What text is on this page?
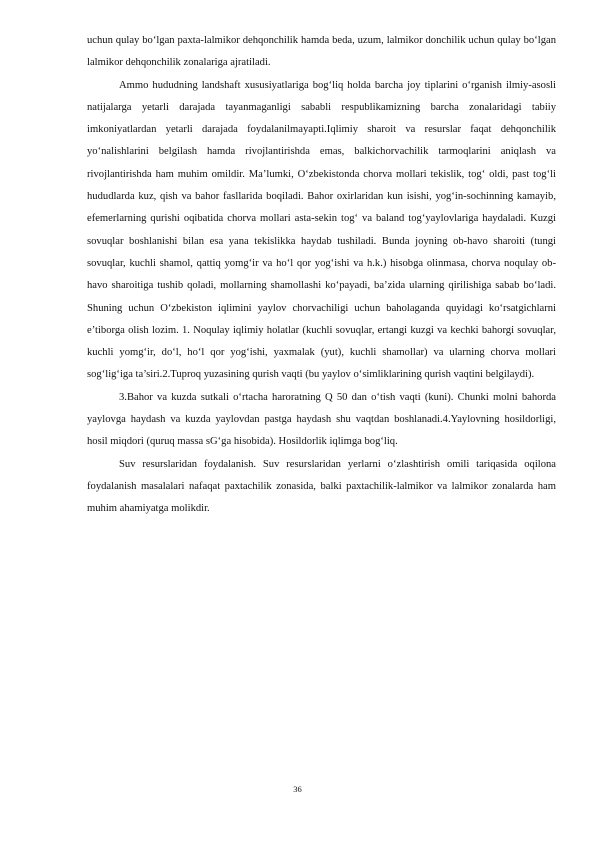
uchun qulay bo‘lgan paxta-lalmikor dehqonchilik hamda beda, uzum, lalmikor donchilik uchun qulay bo‘lgan lalmikor dehqonchilik zonalariga ajratiladi.

Ammo hududning landshaft xususiyatlariga bog‘liq holda barcha joy tiplarini o‘rganish ilmiy-asosli natijalarga yetarli darajada tayanmaganligi sababli respublikamizning barcha zonalaridagi tabiiy imkoniyatlardan yetarli darajada foydalanilmayapti.Iqlimiy sharoit va resurslar faqat dehqonchilik yo‘nalishlarini belgilash hamda rivojlantirishda emas, balkichorvachilik tarmoqlarini aniqlash va rivojlantirishda ham muhim omildir. Ma’lumki, O‘zbekistonda chorva mollari tekislik, tog‘ oldi, past tog‘li hududlarda kuz, qish va bahor fasllarida boqiladi. Bahor oxirlaridan kun isishi, yog‘in-sochinning kamayib, efemerlarning qurishi oqibatida chorva mollari asta-sekin tog‘ va baland tog‘yaylovlariga haydaladi. Kuzgi sovuqlar boshlanishi bilan esa yana tekislikka haydab tushiladi. Bunda joyning ob-havo sharoiti (tungi sovuqlar, kuchli shamol, qattiq yomg‘ir va ho‘l qor yog‘ishi va h.k.) hisobga olinmasa, chorva noqulay ob-havo sharoitiga tushib qoladi, mollarning shamollashi ko‘payadi, ba’zida ularning qirilishiga sabab bo‘ladi. Shuning uchun O‘zbekiston iqlimini yaylov chorvachiligi uchun baholaganda quyidagi ko‘rsatgichlarni e’tiborga olish lozim. 1. Noqulay iqlimiy holatlar (kuchli sovuqlar, ertangi kuzgi va kechki bahorgi sovuqlar, kuchli yomg‘ir, do‘l, ho‘l qor yog‘ishi, yaxmalak (yut), kuchli shamollar) va ularning chorva mollari sog‘lig‘iga ta’siri.2.Tuproq yuzasining qurish vaqti (bu yaylov o‘simliklarining qurish vaqtini belgilaydi).

3.Bahor va kuzda sutkali o‘rtacha haroratning Q 50 dan o‘tish vaqti (kuni). Chunki molni bahorda yaylovga haydash va kuzda yaylovdan pastga haydash shu vaqtdan boshlanadi.4.Yaylovning hosildorligi, hosil miqdori (quruq massa sG‘ga hisobida). Hosildorlik iqlimga bog‘liq.

Suv resurslaridan foydalanish. Suv resurslaridan yerlarni o‘zlashtirish omili tariqasida oqilona foydalanish masalalari nafaqat paxtachilik zonasida, balki paxtachilik-lalmikor va lalmikor zonalarda ham muhim ahamiyatga molikdir.

36
